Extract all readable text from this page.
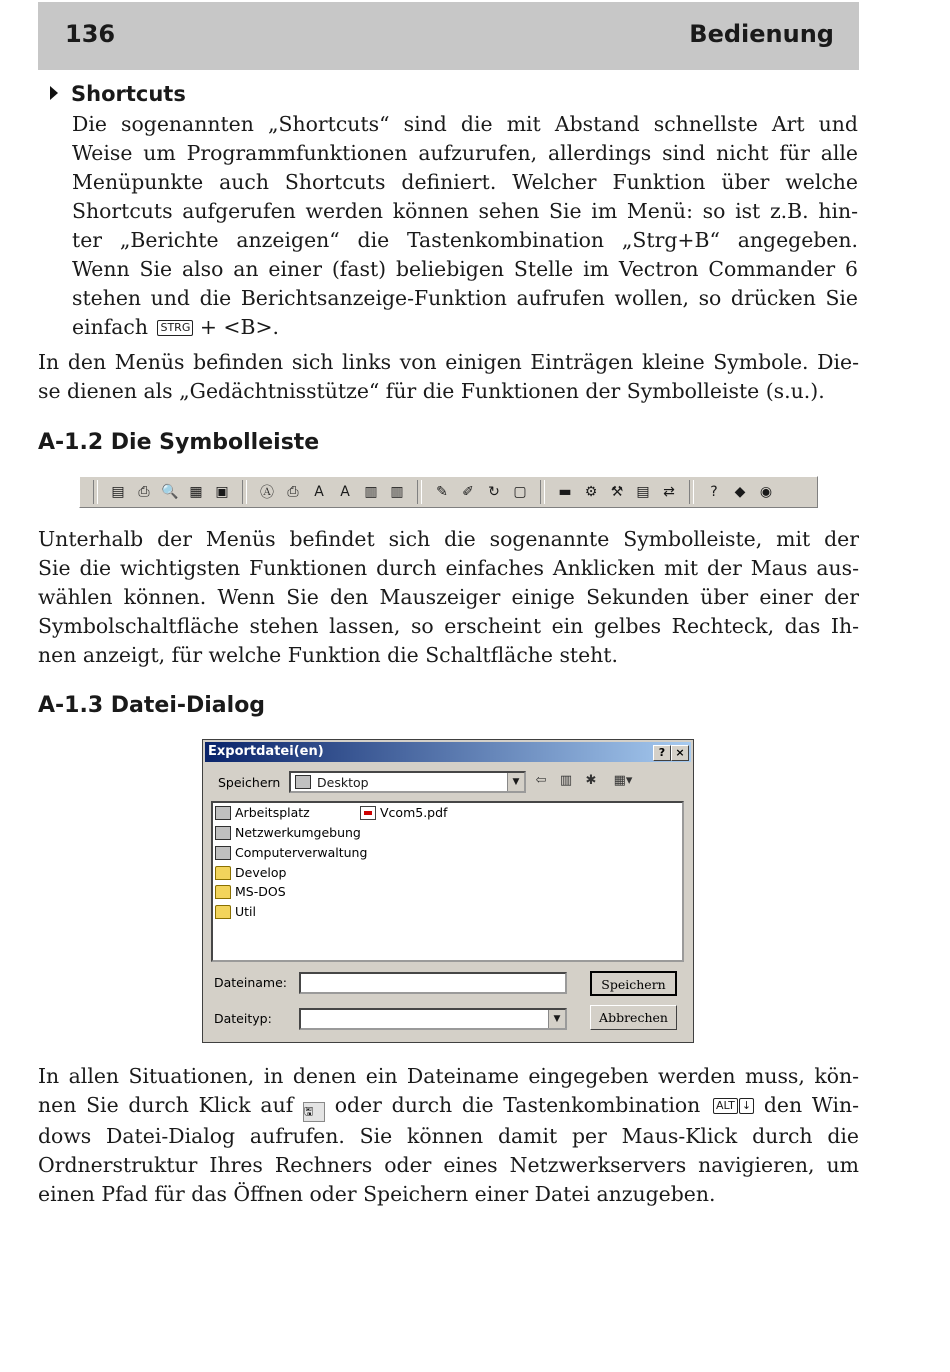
136	Bedienung
Shortcuts
Die sogenannten „Shortcuts“ sind die mit Abstand schnellste Art und
Weise um Programmfunktionen aufzurufen, allerdings sind nicht für alle
Menüpunkte auch Shortcuts definiert. Welcher Funktion über welche
Shortcuts aufgerufen werden können sehen Sie im Menü: so ist z.B. hin-
ter „Berichte anzeigen“ die Tastenkombination „Strg+B“ angegeben.
Wenn Sie also an einer (fast) beliebigen Stelle im Vectron Commander 6
stehen und die Berichtsanzeige-Funktion aufrufen wollen, so drücken Sie
einfach STRG + <B>.
In den Menüs befinden sich links von einigen Einträgen kleine Symbole. Die-
se dienen als „Gedächtnisstütze“ für die Funktionen der Symbolleiste (s.u.).
A-1.2 Die Symbolleiste
▤ ⎙ 🔍 ▦ ▣ Ⓐ ⎙	A	A	▥ ▥ ✎ ✐ ↻ ▢ ▬ ⚙ ⚒ ▤ ⇄	?	◆	◉
Unterhalb der Menüs befindet sich die sogenannte Symbolleiste, mit der
Sie die wichtigsten Funktionen durch einfaches Anklicken mit der Maus aus-
wählen können. Wenn Sie den Mauszeiger einige Sekunden über einer der
Symbolschaltfläche stehen lassen, so erscheint ein gelbes Rechteck, das Ih-
nen anzeigt, für welche Funktion die Schaltfläche steht.
A-1.3 Datei-Dialog
Exportdatei(en)	? ×
Speichern	Desktop	▼	⇦ ▥ ✱	▦▾
Arbeitsplatz
Netzwerkumgebung
Computerverwaltung
Develop
MS-DOS
Util
Vcom5.pdf
Dateiname:
Dateityp:	▼
Speichern
Abbrechen
In allen Situationen, in denen ein Dateiname eingegeben werden muss, kön-
nen Sie durch Klick auf 🖫 oder durch die Tastenkombination ALT ↓ den Win-
dows Datei-Dialog aufrufen. Sie können damit per Maus-Klick durch die
Ordnerstruktur Ihres Rechners oder eines Netzwerkservers navigieren, um
einen Pfad für das Öffnen oder Speichern einer Datei anzugeben.
